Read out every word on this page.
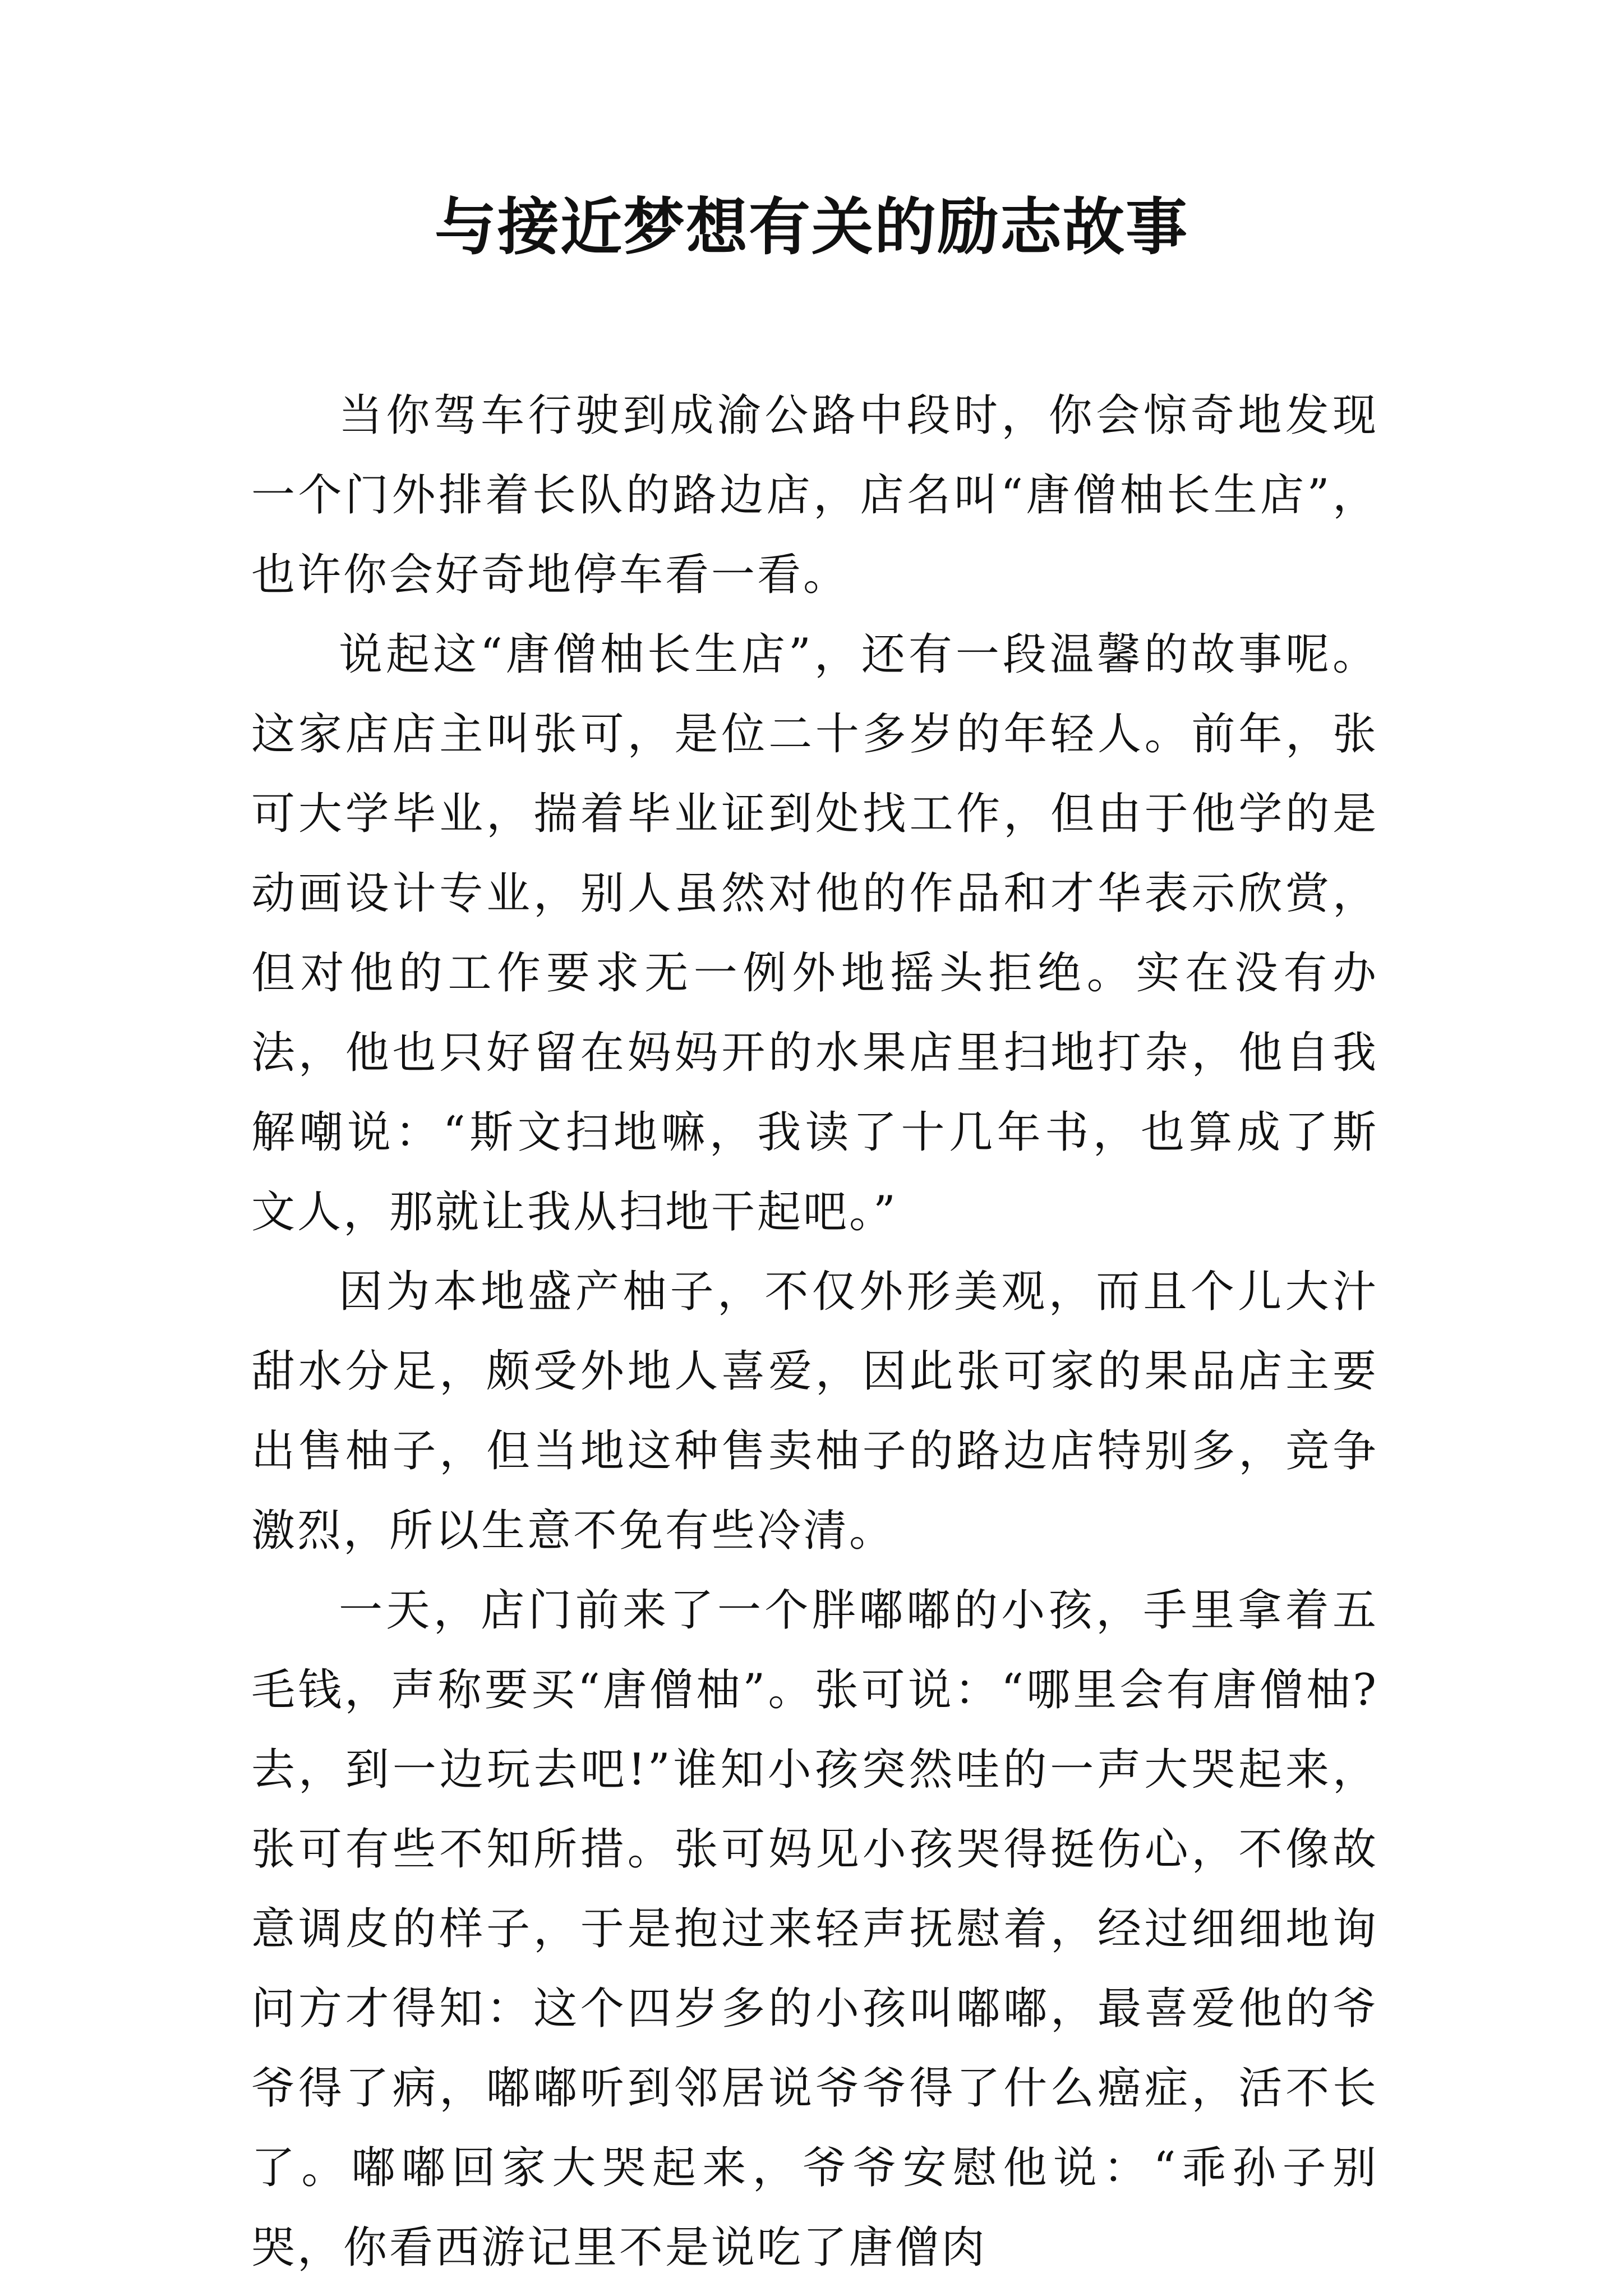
与接近梦想有关的励志故事

当你驾车行驶到成渝公路中段时，你会惊奇地发现一个门外排着长队的路边店，店名叫“唐僧柚长生店”，也许你会好奇地停车看一看。

说起这“唐僧柚长生店”，还有一段温馨的故事呢。这家店店主叫张可，是位二十多岁的年轻人。前年，张可大学毕业，揣着毕业证到处找工作，但由于他学的是动画设计专业，别人虽然对他的作品和才华表示欣赏，但对他的工作要求无一例外地摇头拒绝。实在没有办法，他也只好留在妈妈开的水果店里扫地打杂，他自我解嘲说：“斯文扫地嘛，我读了十几年书，也算成了斯文人，那就让我从扫地干起吧。”

因为本地盛产柚子，不仅外形美观，而且个儿大汁甜水分足，颇受外地人喜爱，因此张可家的果品店主要出售柚子，但当地这种售卖柚子的路边店特别多，竞争激烈，所以生意不免有些冷清。

一天，店门前来了一个胖嘟嘟的小孩，手里拿着五毛钱，声称要买“唐僧柚”。张可说：“哪里会有唐僧柚?去，到一边玩去吧!”谁知小孩突然哇的一声大哭起来，张可有些不知所措。张可妈见小孩哭得挺伤心，不像故意调皮的样子，于是抱过来轻声抚慰着，经过细细地询问方才得知：这个四岁多的小孩叫嘟嘟，最喜爱他的爷爷得了病，嘟嘟听到邻居说爷爷得了什么癌症，活不长了。嘟嘟回家大哭起来，爷爷安慰他说：“乖孙子别哭，你看西游记里不是说吃了唐僧肉
